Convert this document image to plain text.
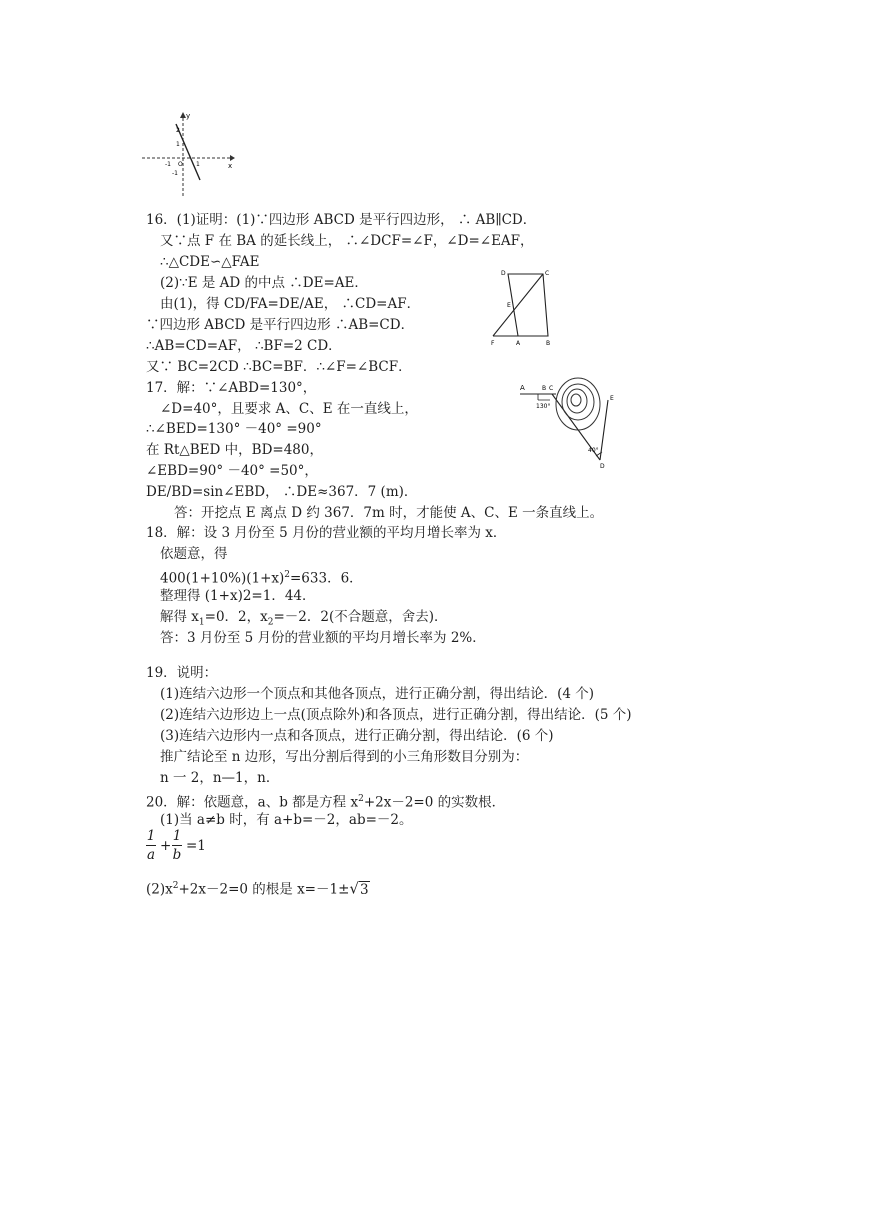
y
x
2
1
-1
O
-1	1
16．(1)证明：(1)∵四边形 ABCD 是平行四边形， ∴ AB∥CD．
又∵点 F 在 BA 的延长线上， ∴∠DCF=∠F，∠D=∠EAF，
∴△CDE∽△FAE
(2)∵E 是 AD 的中点 ∴DE=AE．
由(1)，得 CD/FA=DE/AE， ∴CD=AF．
∵四边形 ABCD 是平行四边形 ∴AB=CD．
∴AB=CD=AF， ∴BF=2 CD．
又∵ BC=2CD ∴BC=BF．∴∠F=∠BCF．
D	C
E
F	A	B
17．解：∵∠ABD=130°，
∠D=40°，且要求 A、C、E 在一直线上，
∴∠BED=130° －40° =90°
在 Rt△BED 中，BD=480，
∠EBD=90° －40° =50°，
DE/BD=sin∠EBD， ∴DE≈367．7 (m)．
答：开挖点 E 离点 D 约 367．7m 时，才能使 A、C、E 一条直线上。
A	B C
E
D
130°
40°
18．解：设 3 月份至 5 月份的营业额的平均月增长率为 x．
依题意，得
$400(1+10\%)(1+x)^2=633$．6．
整理得 (1+x)2=1．44．
解得 $x_1=0$．2，$x_2=-2$．2(不合题意，舍去)．
答：3 月份至 5 月份的营业额的平均月增长率为 2%．
19．说明：
(1)连结六边形一个顶点和其他各顶点，进行正确分割，得出结论．(4 个)
(2)连结六边形边上一点(顶点除外)和各顶点，进行正确分割，得出结论．(5 个)
(3)连结六边形内一点和各顶点，进行正确分割，得出结论．(6 个)
推广结论至 n 边形，写出分割后得到的小三角形数目分别为：
n 一 2，n—1，n．
20．解：依题意，a、b 都是方程 $x^2+2x-2=0$ 的实数根．
(1)当 a≠b 时，有 a+b=－2，ab=－2。
1
a
+
1
b
=1
$(2)x^2+2x-2=0$ 的根是 x=－1±√3
